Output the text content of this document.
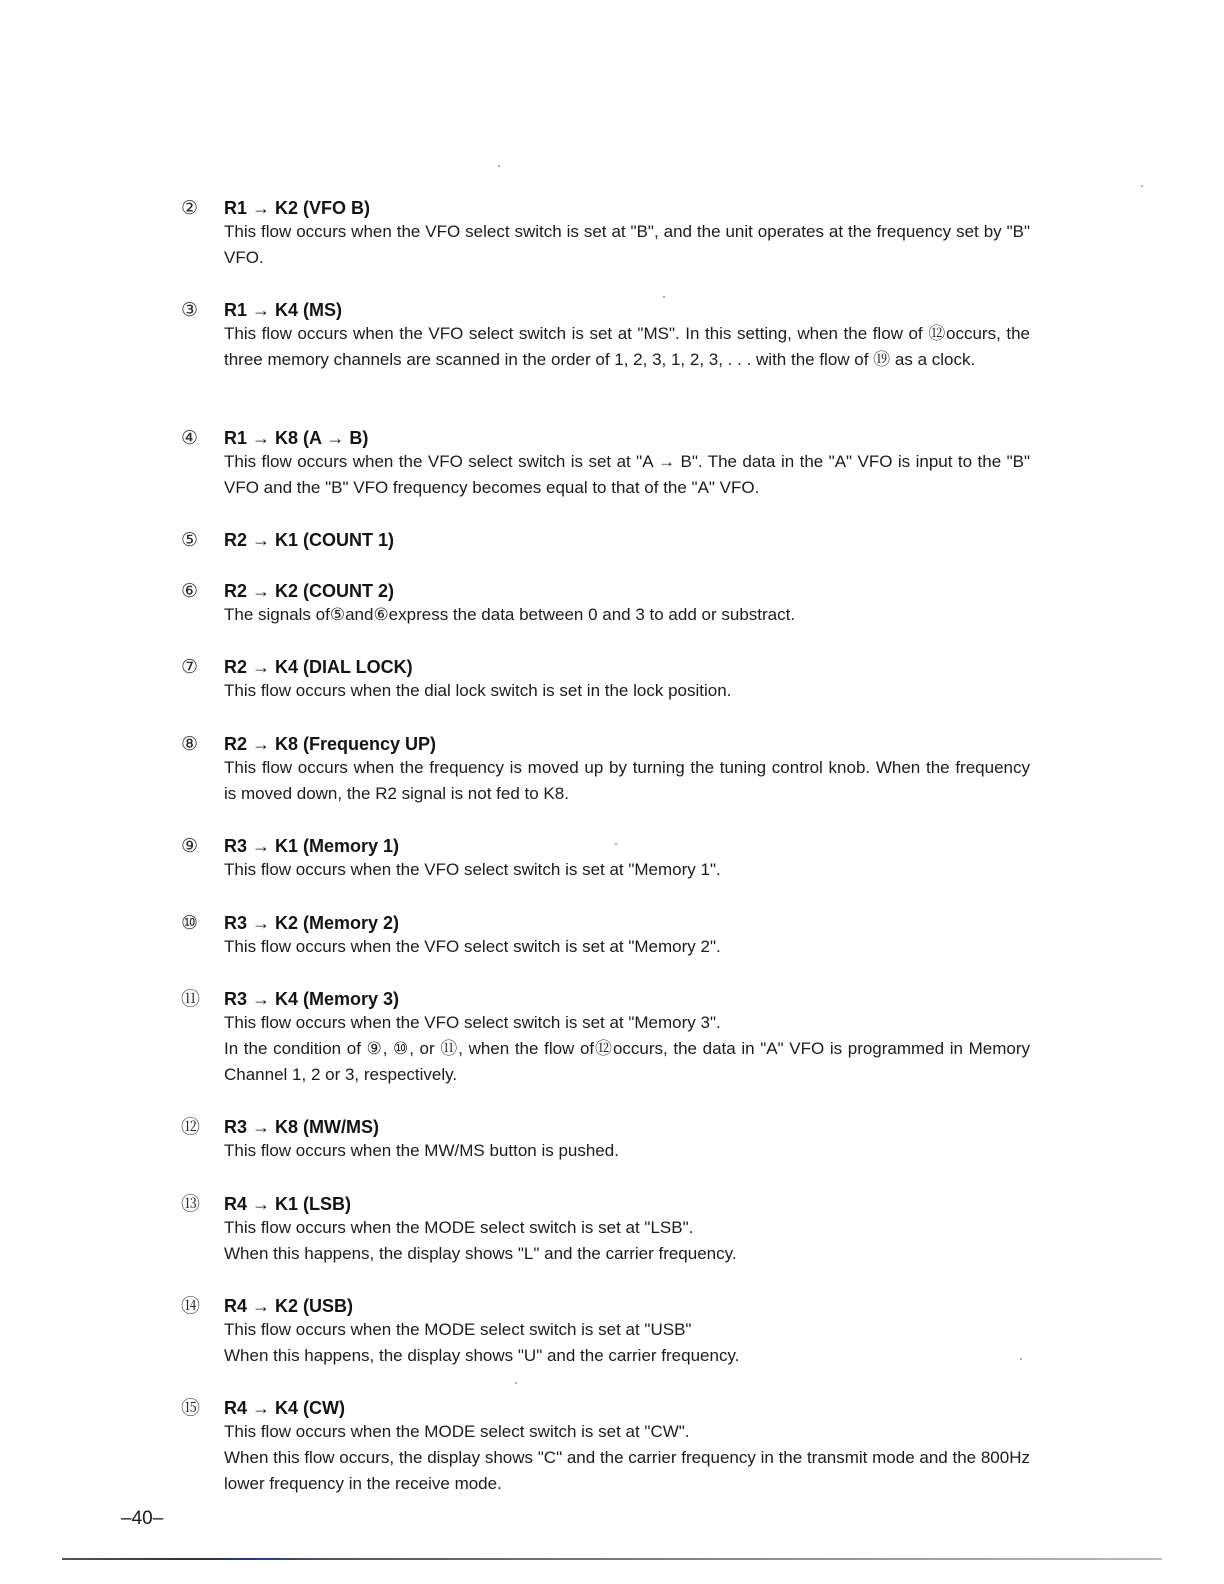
②	R1 → K2 (VFO B)

This flow occurs when the VFO select switch is set at "B", and the unit operates at the frequency set by "B" VFO.

③	R1 → K4 (MS)

This flow occurs when the VFO select switch is set at "MS". In this setting, when the flow of ⑫occurs, the three memory channels are scanned in the order of 1, 2, 3, 1, 2, 3, . . . with the flow of ⑲ as a clock.

④	R1 → K8 (A → B)

This flow occurs when the VFO select switch is set at "A → B". The data in the "A" VFO is input to the "B" VFO and the "B" VFO frequency becomes equal to that of the "A" VFO.

⑤	R2 → K1 (COUNT 1)
⑥	R2 → K2 (COUNT 2)

The signals of⑤and⑥express the data between 0 and 3 to add or substract.

⑦	R2 → K4 (DIAL LOCK)

This flow occurs when the dial lock switch is set in the lock position.

⑧	R2 → K8 (Frequency UP)

This flow occurs when the frequency is moved up by turning the tuning control knob. When the frequency is moved down, the R2 signal is not fed to K8.

⑨	R3 → K1 (Memory 1)

This flow occurs when the VFO select switch is set at "Memory 1".

⑩	R3 → K2 (Memory 2)

This flow occurs when the VFO select switch is set at "Memory 2".

⑪	R3 → K4 (Memory 3)

This flow occurs when the VFO select switch is set at "Memory 3".

In the condition of ⑨, ⑩, or ⑪, when the flow of⑫occurs, the data in "A" VFO is programmed in Memory Channel 1, 2 or 3, respectively.

⑫	R3 → K8 (MW/MS)

This flow occurs when the MW/MS button is pushed.

⑬	R4 → K1 (LSB)

This flow occurs when the MODE select switch is set at "LSB".

When this happens, the display shows "L" and the carrier frequency.

⑭	R4 → K2 (USB)

This flow occurs when the MODE select switch is set at "USB"

When this happens, the display shows "U" and the carrier frequency.

⑮	R4 → K4 (CW)

This flow occurs when the MODE select switch is set at "CW".

When this flow occurs, the display shows "C" and the carrier frequency in the transmit mode and the 800Hz lower frequency in the receive mode.

–40–
